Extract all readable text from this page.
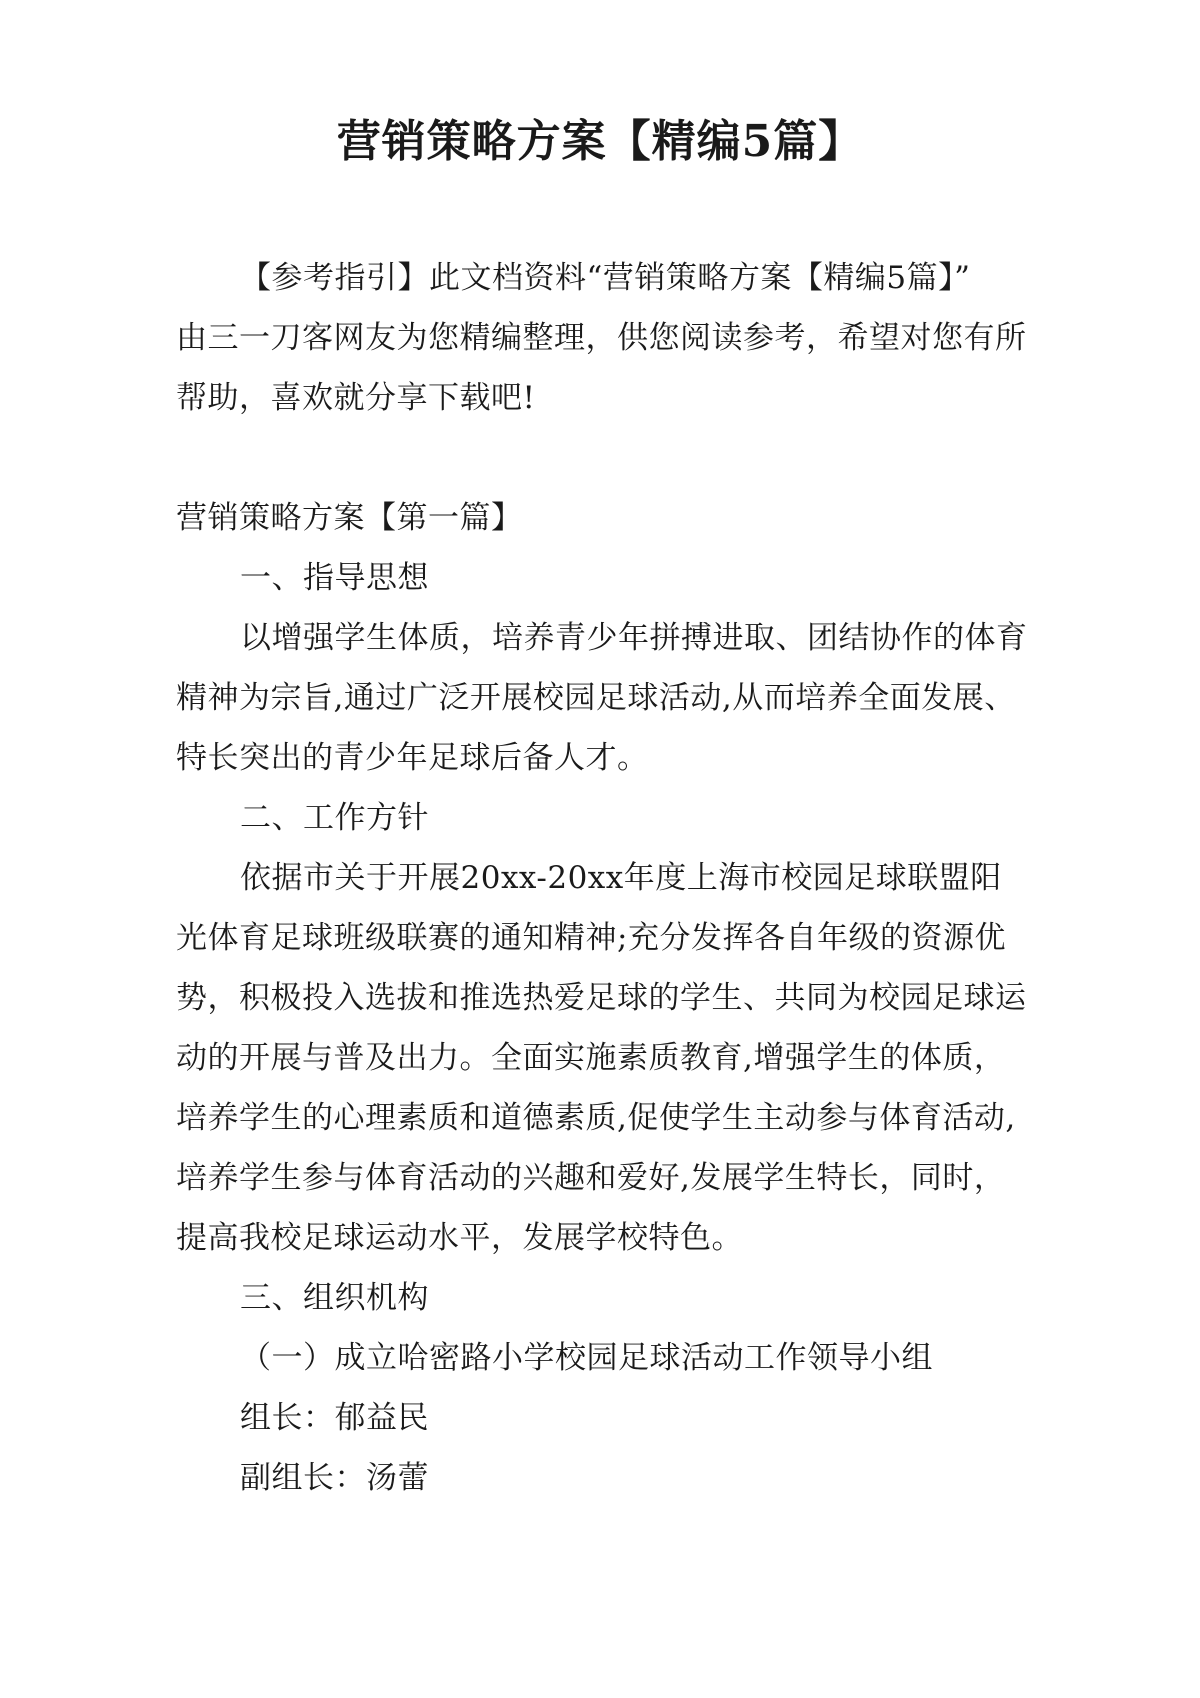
营销策略方案【精编5篇】
【参考指引】此文档资料“营销策略方案【精编5篇】”
由三一刀客网友为您精编整理，供您阅读参考，希望对您有所
帮助，喜欢就分享下载吧!
营销策略方案【第一篇】
一、指导思想
以增强学生体质，培养青少年拼搏进取、团结协作的体育
精神为宗旨,通过广泛开展校园足球活动,从而培养全面发展、
特长突出的青少年足球后备人才。
二、工作方针
依据市关于开展20xx-20xx年度上海市校园足球联盟阳
光体育足球班级联赛的通知精神;充分发挥各自年级的资源优
势，积极投入选拔和推选热爱足球的学生、共同为校园足球运
动的开展与普及出力。全面实施素质教育,增强学生的体质，
培养学生的心理素质和道德素质,促使学生主动参与体育活动,
培养学生参与体育活动的兴趣和爱好,发展学生特长，同时，
提高我校足球运动水平，发展学校特色。
三、组织机构
（一）成立哈密路小学校园足球活动工作领导小组
组长：郁益民
副组长：汤蕾
